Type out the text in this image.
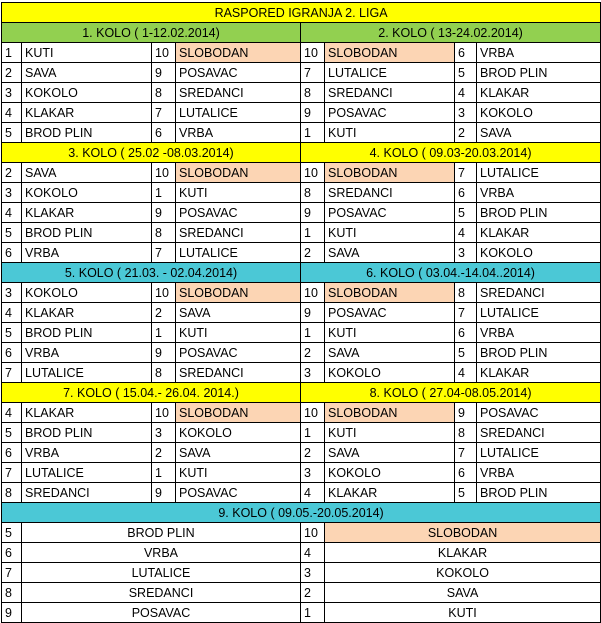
RASPORED IGRANJA 2. LIGA							
1. KOLO ( 1-12.02.2014)				2. KOLO ( 13-24.02.2014)			
1	KUTI	10	SLOBODAN	10	SLOBODAN	6	VRBA
2	SAVA	9	POSAVAC	7	LUTALICE	5	BROD PLIN
3	KOKOLO	8	SREDANCI	8	SREDANCI	4	KLAKAR
4	KLAKAR	7	LUTALICE	9	POSAVAC	3	KOKOLO
5	BROD PLIN	6	VRBA	1	KUTI	2	SAVA
3. KOLO ( 25.02 -08.03.2014)				4. KOLO ( 09.03-20.03.2014)			
2	SAVA	10	SLOBODAN	10	SLOBODAN	7	LUTALICE
3	KOKOLO	1	KUTI	8	SREDANCI	6	VRBA
4	KLAKAR	9	POSAVAC	9	POSAVAC	5	BROD PLIN
5	BROD PLIN	8	SREDANCI	1	KUTI	4	KLAKAR
6	VRBA	7	LUTALICE	2	SAVA	3	KOKOLO
5. KOLO ( 21.03. - 02.04.2014)				6. KOLO ( 03.04.-14.04..2014)			
3	KOKOLO	10	SLOBODAN	10	SLOBODAN	8	SREDANCI
4	KLAKAR	2	SAVA	9	POSAVAC	7	LUTALICE
5	BROD PLIN	1	KUTI	1	KUTI	6	VRBA
6	VRBA	9	POSAVAC	2	SAVA	5	BROD PLIN
7	LUTALICE	8	SREDANCI	3	KOKOLO	4	KLAKAR
7. KOLO ( 15.04.- 26.04. 2014.)				8. KOLO ( 27.04-08.05.2014)			
4	KLAKAR	10	SLOBODAN	10	SLOBODAN	9	POSAVAC
5	BROD PLIN	3	KOKOLO	1	KUTI	8	SREDANCI
6	VRBA	2	SAVA	2	SAVA	7	LUTALICE
7	LUTALICE	1	KUTI	3	KOKOLO	6	VRBA
8	SREDANCI	9	POSAVAC	4	KLAKAR	5	BROD PLIN
9. KOLO ( 09.05.-20.05.2014)							
5	BROD PLIN			10	SLOBODAN		
6	VRBA			4	KLAKAR		
7	LUTALICE			3	KOKOLO		
8	SREDANCI			2	SAVA		
9	POSAVAC			1	KUTI		
